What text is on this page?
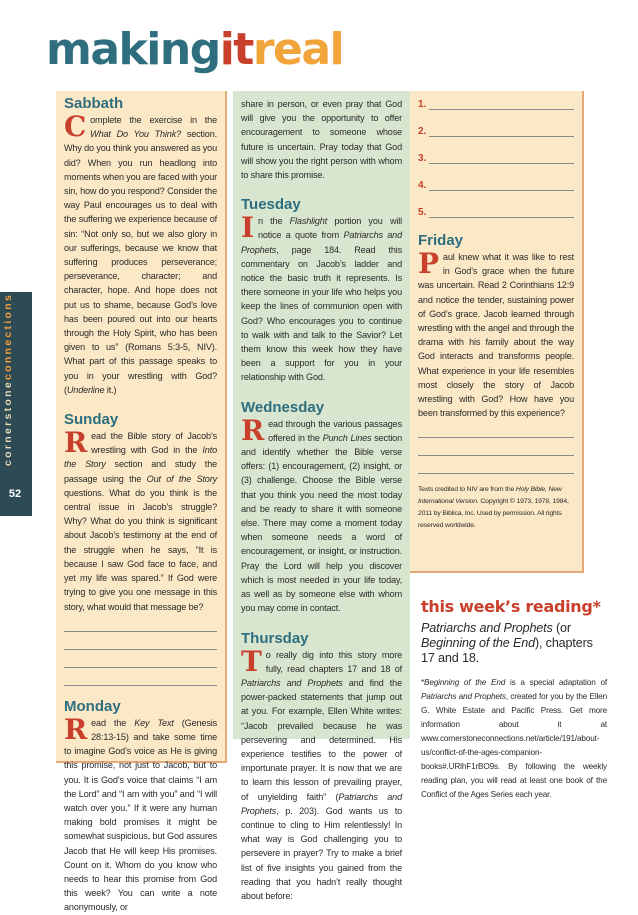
makingitreal
cornerstoneconnections
52
Sabbath

Complete the exercise in the What Do You Think? section. Why do you think you answered as you did? When you run headlong into moments when you are faced with your sin, how do you respond? Consider the way Paul encourages us to deal with the suffering we experience because of sin: “Not only so, but we also glory in our sufferings, because we know that suffering produces perseverance; perseverance, character; and character, hope. And hope does not put us to shame, because God’s love has been poured out into our hearts through the Holy Spirit, who has been given to us” (Romans 5:3-5, NIV). What part of this passage speaks to you in your wrestling with God? (Underline it.)

Sunday

Read the Bible story of Jacob’s wrestling with God in the Into the Story section and study the passage using the Out of the Story questions. What do you think is the central issue in Jacob’s struggle? Why? What do you think is significant about Jacob’s testimony at the end of the struggle when he says, “It is because I saw God face to face, and yet my life was spared.” If God were trying to give you one message in this story, what would that message be?

Monday

Read the Key Text (Genesis 28:13-15) and take some time to imagine God’s voice as He is giving this promise, not just to Jacob, but to you. It is God’s voice that claims “I am the Lord” and “I am with you” and “I will watch over you.” If it were any human making bold promises it might be somewhat suspicious, but God assures Jacob that He will keep His promises. Count on it. Whom do you know who needs to hear this promise from God this week? You can write a note anonymously, or

share in person, or even pray that God will give you the opportunity to offer encouragement to someone whose future is uncertain. Pray today that God will show you the right person with whom to share this promise.

Tuesday

In the Flashlight portion you will notice a quote from Patriarchs and Prophets, page 184. Read this commentary on Jacob’s ladder and notice the basic truth it represents. Is there someone in your life who helps you keep the lines of communion open with God? Who encourages you to continue to walk with and talk to the Savior? Let them know this week how they have been a support for you in your relationship with God.

Wednesday

Read through the various passages offered in the Punch Lines section and identify whether the Bible verse offers: (1) encouragement, (2) insight, or (3) challenge. Choose the Bible verse that you think you need the most today and be ready to share it with someone else. There may come a moment today when someone needs a word of encouragement, or insight, or instruction. Pray the Lord will help you discover which is most needed in your life today, as well as by someone else with whom you may come in contact.

Thursday

To really dig into this story more fully, read chapters 17 and 18 of Patriarchs and Prophets and find the power-packed statements that jump out at you. For example, Ellen White writes: “Jacob prevailed because he was persevering and determined. His experience testifies to the power of importunate prayer. It is now that we are to learn this lesson of prevailing prayer, of unyielding faith” (Patriarchs and Prophets, p. 203). God wants us to continue to cling to Him relentlessly! In what way is God challenging you to persevere in prayer? Try to make a brief list of five insights you gained from the reading that you hadn’t really thought about before:

1.
2.
3.
4.
5.
Friday

Paul knew what it was like to rest in God’s grace when the future was uncertain. Read 2 Corinthians 12:9 and notice the tender, sustaining power of God’s grace. Jacob learned through wrestling with the angel and through the drama with his family about the way God interacts and transforms people. What experience in your life resembles most closely the story of Jacob wrestling with God? How have you been transformed by this experience?

Texts credited to NIV are from the Holy Bible, New International Version. Copyright © 1973, 1978, 1984, 2011 by Biblica, Inc. Used by permission. All rights reserved worldwide.

this week’s reading*

Patriarchs and Prophets (or Beginning of the End), chapters 17 and 18.

*Beginning of the End is a special adaptation of Patriarchs and Prophets, created for you by the Ellen G. White Estate and Pacific Press. Get more information about it at www.cornerstoneconnections.net/article/191/about-us/conflict-of-the-ages-companion-books#.URlhF1rBO9s. By following the weekly reading plan, you will read at least one book of the Conflict of the Ages Series each year.
